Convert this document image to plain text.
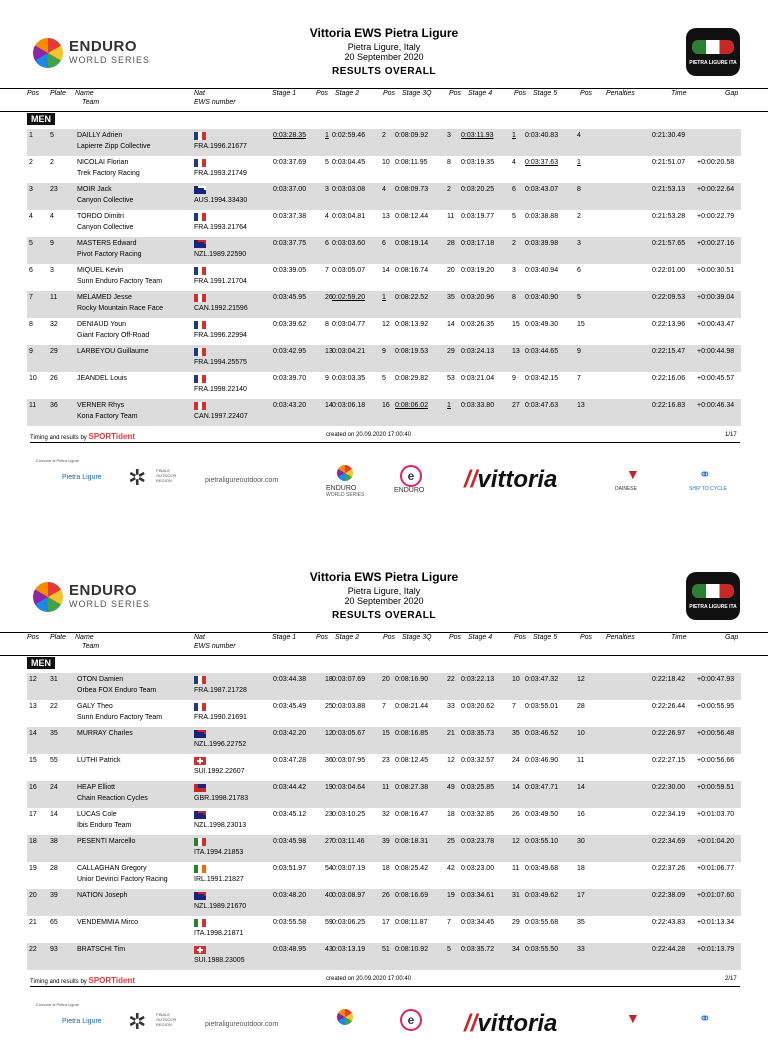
ENDURO
WORLD SERIES
Vittoria EWS Pietra Ligure
Pietra Ligure, Italy
20 September 2020
RESULTS OVERALL
PIETRA LIGURE ITA
Pos Plate Name
Team
Nat
EWS number
Stage 1	Pos Stage 2	Pos Stage 3Q Pos Stage 4	Pos Stage 5	Pos Penalties	Time	Gap
MEN
1 5	DAILLY Adrien
Lapierre Zipp Collective	FRA.1996.21677
0:03:28.35	1 0:02:59.46 2 0:08:09.92	3 0:03:11.93	1 0:03:40.83	4	0:21:30.49
2 2	NICOLAI Florian
Trek Factory Racing	FRA.1993.21749
0:03:37.69	5 0:03:04.45 10 0:08:11.95	8 0:03:19.35	4 0:03:37.63	1	0:21:51.07 +0:00:20.58
3 23	MOIR Jack
Canyon Collective	AUS.1994.33430
0:03:37.00	3 0:03:03.08 4 0:08:09.73	2 0:03:20.25	6 0:03:43.07	8	0:21:53.13 +0:00:22.64
4 4	TORDO Dimitri
Canyon Collective	FRA.1993.21764
0:03:37.38	4 0:03:04.81 13 0:08:12.44	11 0:03:19.77	5 0:03:38.88	2	0:21:53.28 +0:00:22.79
5 9	MASTERS Edward
Pivot Factory Racing	NZL.1989.22590
0:03:37.75	6 0:03:03.60 6 0:08:19.14	28 0:03:17.18	2 0:03:39.98	3	0:21:57.65 +0:00:27.16
6 3	MIQUEL Kevin
Sunn Enduro Factory Team	FRA.1991.21704
0:03:39.05	7 0:03:05.07 14 0:08:16.74	20 0:03:19.20	3 0:03:40.94	6	0:22:01.00 +0:00:30.51
7 11	MELAMED Jesse
Rocky Mountain Race Face	CAN.1992.21596
0:03:45.95	26 0:02:59.20 1 0:08:22.52	35 0:03:20.96	8 0:03:40.90	5	0:22:09.53 +0:00:39.04
8 32	DENIAUD Youn
Giant Factory Off-Road	FRA.1996.22994
0:03:39.62	8 0:03:04.77 12 0:08:13.92	14 0:03:26.35	15 0:03:49.30	15	0:22:13.96 +0:00:43.47
9 29	LARBEYOU Guillaume
FRA.1994.25575
0:03:42.95	13 0:03:04.21 9 0:08:19.53	29 0:03:24.13	13 0:03:44.65	9	0:22:15.47 +0:00:44.98
10 26	JEANDEL Louis
FRA.1998.22140
0:03:39.70	9 0:03:03.35 5 0:08:29.82	53 0:03:21.04	9 0:03:42.15	7	0:22:16.06 +0:00:45.57
11 36	VERNER Rhys
Kona Factory Team	CAN.1997.22407
0:03:43.20	14 0:03:06.18 16 0:08:06.02	1 0:03:33.80	27 0:03:47.63	13	0:22:16.83 +0:00:46.34
Timing and results by SPORTident	created on 20.09.2020 17:00:40	1/17
Comune di Pietra Ligure
Pietra Ligure ✲ FINALE OUTDOOR REGION	pietraligureoutdoor.com
ENDURO
WORLD SERIES
e
ENDURO //vittoria	▼
DAINESE
⚭
SHIP TO CYCLE
ENDURO
WORLD SERIES
Vittoria EWS Pietra Ligure
Pietra Ligure, Italy
20 September 2020
RESULTS OVERALL
PIETRA LIGURE ITA
Pos Plate Name
Team
Nat
EWS number
Stage 1	Pos Stage 2	Pos Stage 3Q Pos Stage 4	Pos Stage 5	Pos Penalties	Time	Gap
MEN
12 31	OTON Damien
Orbea FOX Enduro Team	FRA.1987.21728
0:03:44.38	18 0:03:07.69 20 0:08:16.90	22 0:03:22.13	10 0:03:47.32	12	0:22:18.42 +0:00:47.93
13 22	GALY Theo
Sunn Enduro Factory Team	FRA.1990.21691
0:03:45.49	25 0:03:03.88 7 0:08:21.44	33 0:03:20.62	7 0:03:55.01	28	0:22:26.44 +0:00:55.95
14 35	MURRAY Charles
NZL.1996.22752
0:03:42.20	12 0:03:05.67 15 0:08:16.85	21 0:03:35.73	35 0:03:46.52	10	0:22:26.97 +0:00:56.48
15 55	LUTHI Patrick
SUI.1992.22607
0:03:47.28	36 0:03:07.95 23 0:08:12.45	12 0:03:32.57	24 0:03:46.90	11	0:22:27.15 +0:00:56.66
16 24	HEAP Elliott
Chain Reaction Cycles	GBR.1998.21783
0:03:44.42	19 0:03:04.64 11 0:08:27.38	49 0:03:25.85	14 0:03:47.71	14	0:22:30.00 +0:00:59.51
17 14	LUCAS Cole
Ibis Enduro Team	NZL.1998.23013
0:03:45.12	23 0:03:10.25 32 0:08:16.47	18 0:03:32.85	26 0:03:49.50	16	0:22:34.19 +0:01:03.70
18 38	PESENTI Marcello
ITA.1994.21853
0:03:45.98	27 0:03:11.46 39 0:08:18.31	25 0:03:23.78	12 0:03:55.10	30	0:22:34.69 +0:01:04.20
19 28	CALLAGHAN Gregory
Unior Devinci Factory Racing	IRL.1991.21827
0:03:51.97	54 0:03:07.19 18 0:08:25.42	42 0:03:23.00	11 0:03:49.68	18	0:22:37.26 +0:01:06.77
20 39	NATION Joseph
NZL.1989.21670
0:03:48.20	40 0:03:08.97 26 0:08:16.69	19 0:03:34.61	31 0:03:49.62	17	0:22:38.09 +0:01:07.60
21 65	VENDEMMIA Mirco
ITA.1998.21871
0:03:55.58	59 0:03:06.25 17 0:08:11.87	7 0:03:34.45	29 0:03:55.68	35	0:22:43.83 +0:01:13.34
22 93	BRATSCHI Tim
SUI.1988.23005
0:03:48.95	43 0:03:13.19 51 0:08:10.92	5 0:03:35.72	34 0:03:55.50	33	0:22:44.28 +0:01:13.79
Timing and results by SPORTident	created on 20.09.2020 17:00:40	2/17
Comune di Pietra Ligure
Pietra Ligure ✲ FINALE OUTDOOR REGION	pietraligureoutdoor.com	e	//vittoria	▼	⚭
